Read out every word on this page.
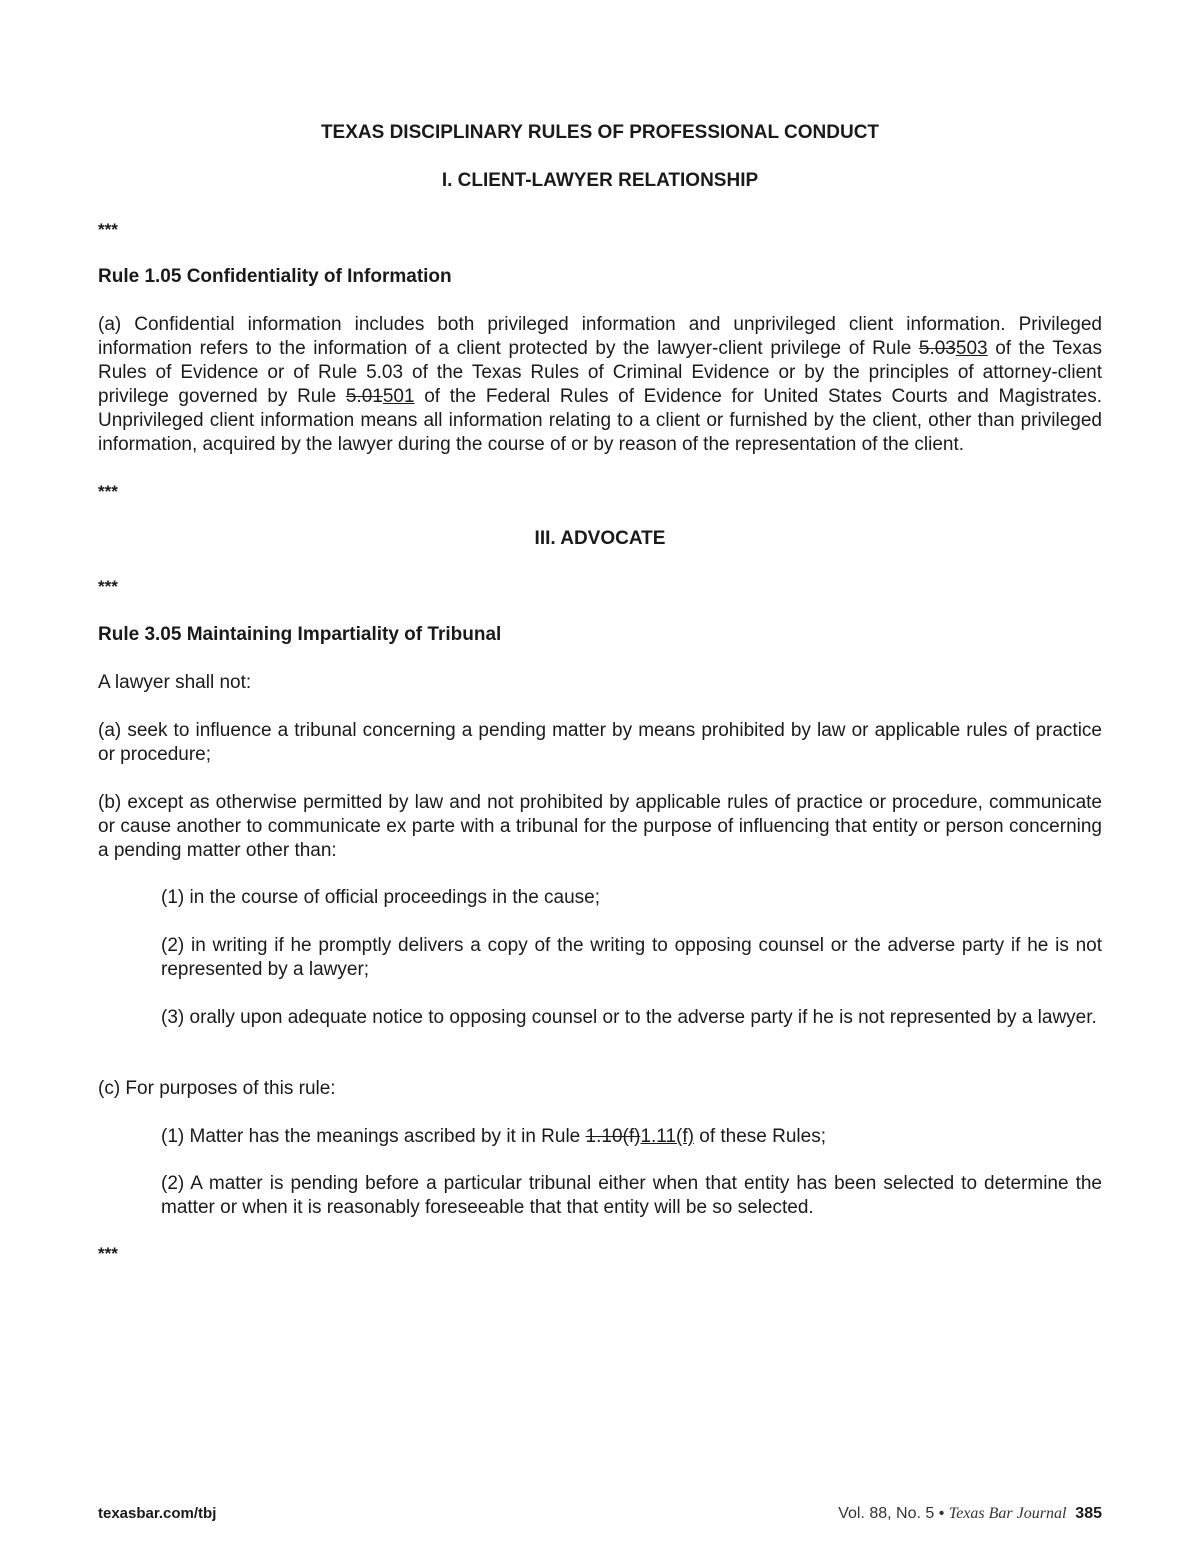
TEXAS DISCIPLINARY RULES OF PROFESSIONAL CONDUCT
I. CLIENT-LAWYER RELATIONSHIP
***
Rule 1.05 Confidentiality of Information
(a) Confidential information includes both privileged information and unprivileged client information. Privileged information refers to the information of a client protected by the lawyer-client privilege of Rule 5.03503 of the Texas Rules of Evidence or of Rule 5.03 of the Texas Rules of Criminal Evidence or by the principles of attorney-client privilege governed by Rule 5.01501 of the Federal Rules of Evidence for United States Courts and Magistrates. Unprivileged client information means all information relating to a client or furnished by the client, other than privileged information, acquired by the lawyer during the course of or by reason of the representation of the client.
***
III. ADVOCATE
***
Rule 3.05 Maintaining Impartiality of Tribunal
A lawyer shall not:
(a) seek to influence a tribunal concerning a pending matter by means prohibited by law or applicable rules of practice or procedure;
(b) except as otherwise permitted by law and not prohibited by applicable rules of practice or procedure, communicate or cause another to communicate ex parte with a tribunal for the purpose of influencing that entity or person concerning a pending matter other than:
(1) in the course of official proceedings in the cause;
(2) in writing if he promptly delivers a copy of the writing to opposing counsel or the adverse party if he is not represented by a lawyer;
(3) orally upon adequate notice to opposing counsel or to the adverse party if he is not represented by a lawyer.
(c) For purposes of this rule:
(1) Matter has the meanings ascribed by it in Rule 1.10(f)1.11(f) of these Rules;
(2) A matter is pending before a particular tribunal either when that entity has been selected to determine the matter or when it is reasonably foreseeable that that entity will be so selected.
***
texasbar.com/tbj	Vol. 88, No. 5 • Texas Bar Journal 385
